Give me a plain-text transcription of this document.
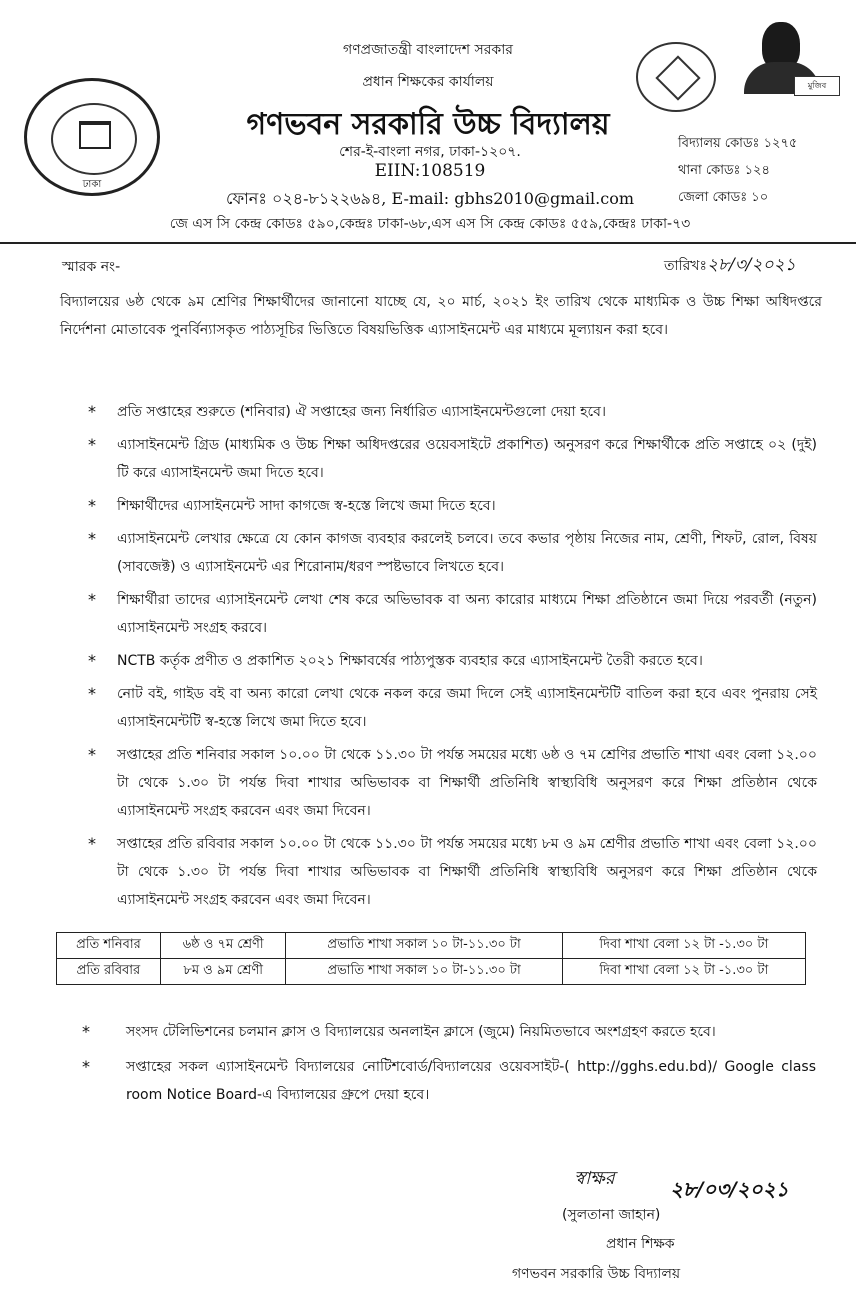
ঢাকা
মুজিব
গণপ্রজাতন্ত্রী বাংলাদেশ সরকার
প্রধান শিক্ষকের কার্যালয়
গণভবন সরকারি উচ্চ বিদ্যালয়
শের-ই-বাংলা নগর, ঢাকা-১২০৭.
EIIN:108519
ফোনঃ ০২৪-৮১২২৬৯৪, E-mail: gbhs2010@gmail.com
জে এস সি কেন্দ্র কোডঃ ৫৯০,কেন্দ্রঃ ঢাকা-৬৮,এস এস সি কেন্দ্র কোডঃ ৫৫৯,কেন্দ্রঃ ঢাকা-৭৩
বিদ্যালয় কোডঃ ১২৭৫
থানা কোডঃ ১২৪
জেলা কোডঃ ১০
স্মারক নং-	তারিখঃ২৮/৩/২০২১
বিদ্যালয়ের ৬ষ্ঠ থেকে ৯ম শ্রেণির শিক্ষার্থীদের জানানো যাচ্ছে যে, ২০ মার্চ, ২০২১ ইং তারিখ থেকে মাধ্যমিক ও উচ্চ শিক্ষা অধিদপ্তরে নির্দেশনা মোতাবেক পুনর্বিন্যাসকৃত পাঠ্যসূচির ভিত্তিতে বিষয়ভিত্তিক এ্যাসাইনমেন্ট এর মাধ্যমে মূল্যায়ন করা হবে।
* প্রতি সপ্তাহের শুরুতে (শনিবার) ঐ সপ্তাহের জন্য নির্ধারিত এ্যাসাইনমেন্টগুলো দেয়া হবে।
* এ্যাসাইনমেন্ট গ্রিড (মাধ্যমিক ও উচ্চ শিক্ষা অধিদপ্তরের ওয়েবসাইটে প্রকাশিত) অনুসরণ করে শিক্ষার্থীকে প্রতি সপ্তাহে ০২ (দুই) টি করে এ্যাসাইনমেন্ট জমা দিতে হবে।
* শিক্ষার্থীদের এ্যাসাইনমেন্ট সাদা কাগজে স্ব-হস্তে লিখে জমা দিতে হবে।
* এ্যাসাইনমেন্ট লেখার ক্ষেত্রে যে কোন কাগজ ব্যবহার করলেই চলবে। তবে কভার পৃষ্ঠায় নিজের নাম, শ্রেণী, শিফট, রোল, বিষয় (সাবজেক্ট) ও এ্যাসাইনমেন্ট এর শিরোনাম/ধরণ স্পষ্টভাবে লিখতে হবে।
* শিক্ষার্থীরা তাদের এ্যাসাইনমেন্ট লেখা শেষ করে অভিভাবক বা অন্য কারোর মাধ্যমে শিক্ষা প্রতিষ্ঠানে জমা দিয়ে পরবর্তী (নতুন) এ্যাসাইনমেন্ট সংগ্রহ করবে।
* NCTB কর্তৃক প্রণীত ও প্রকাশিত ২০২১ শিক্ষাবর্ষের পাঠ্যপুস্তক ব্যবহার করে এ্যাসাইনমেন্ট তৈরী করতে হবে।
* নোট বই, গাইড বই বা অন্য কারো লেখা থেকে নকল করে জমা দিলে সেই এ্যাসাইনমেন্টটি বাতিল করা হবে এবং পুনরায় সেই এ্যাসাইনমেন্টটি স্ব-হস্তে লিখে জমা দিতে হবে।
* সপ্তাহের প্রতি শনিবার সকাল ১০.০০ টা থেকে ১১.৩০ টা পর্যন্ত সময়ের মধ্যে ৬ষ্ঠ ও ৭ম শ্রেণির প্রভাতি শাখা এবং বেলা ১২.০০ টা থেকে ১.৩০ টা পর্যন্ত দিবা শাখার অভিভাবক বা শিক্ষার্থী প্রতিনিধি স্বাস্থ্যবিধি অনুসরণ করে শিক্ষা প্রতিষ্ঠান থেকে এ্যাসাইনমেন্ট সংগ্রহ করবেন এবং জমা দিবেন।
* সপ্তাহের প্রতি রবিবার সকাল ১০.০০ টা থেকে ১১.৩০ টা পর্যন্ত সময়ের মধ্যে ৮ম ও ৯ম শ্রেণীর প্রভাতি শাখা এবং বেলা ১২.০০ টা থেকে ১.৩০ টা পর্যন্ত দিবা শাখার অভিভাবক বা শিক্ষার্থী প্রতিনিধি স্বাস্থ্যবিধি অনুসরণ করে শিক্ষা প্রতিষ্ঠান থেকে এ্যাসাইনমেন্ট সংগ্রহ করবেন এবং জমা দিবেন।
প্রতি শনিবার	৬ষ্ঠ ও ৭ম শ্রেণী	প্রভাতি শাখা সকাল ১০ টা-১১.৩০ টা	দিবা শাখা বেলা ১২ টা -১.৩০ টা
প্রতি রবিবার	৮ম ও ৯ম শ্রেণী	প্রভাতি শাখা সকাল ১০ টা-১১.৩০ টা	দিবা শাখা বেলা ১২ টা -১.৩০ টা
*	সংসদ টেলিভিশনের চলমান ক্লাস ও বিদ্যালয়ের অনলাইন ক্লাসে (জুমে) নিয়মিতভাবে অংশগ্রহণ করতে হবে।
*	সপ্তাহের সকল এ্যাসাইনমেন্ট বিদ্যালয়ের নোটিশবোর্ড/বিদ্যালয়ের ওয়েবসাইট-( http://gghs.edu.bd)/ Google class room Notice Board-এ বিদ্যালয়ের গ্রুপে দেয়া হবে।
স্বাক্ষর	২৮/০৩/২০২১
(সুলতানা জাহান)
প্রধান শিক্ষক
গণভবন সরকারি উচ্চ বিদ্যালয়
